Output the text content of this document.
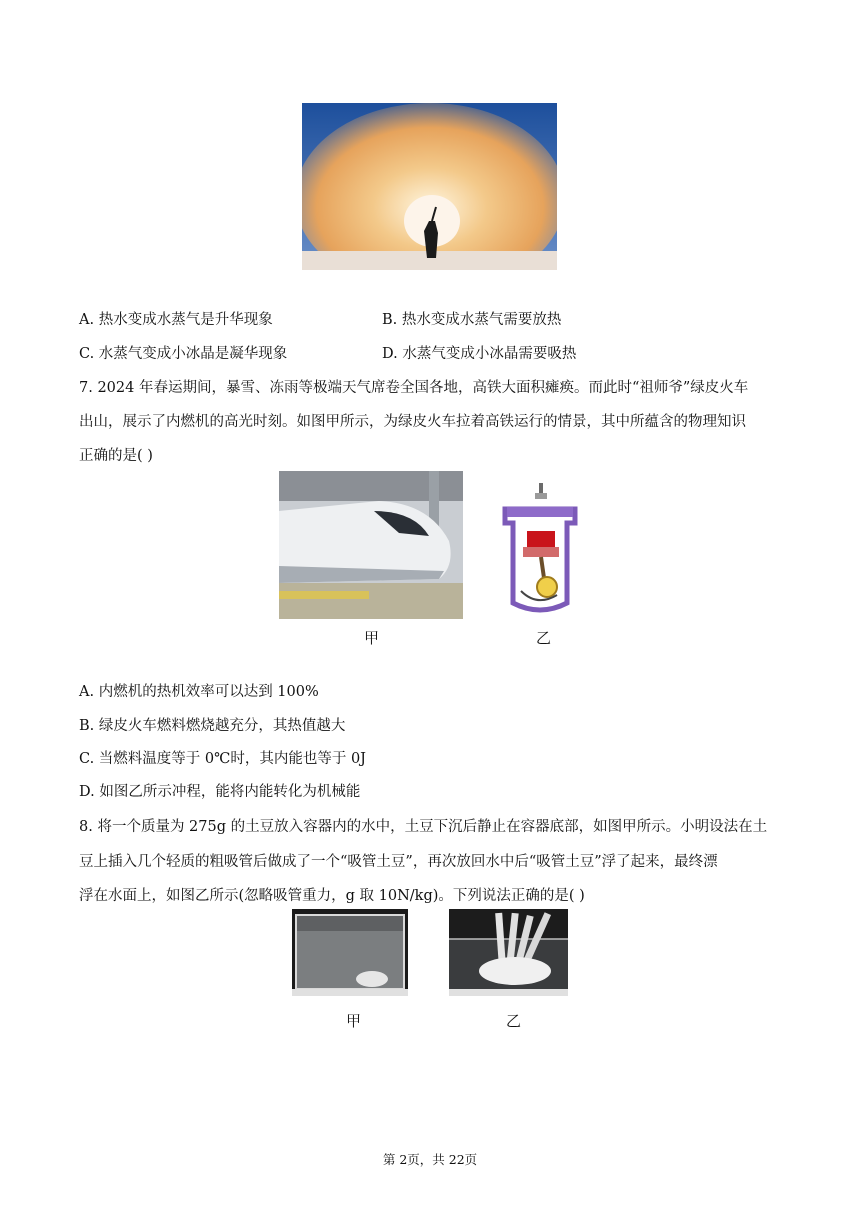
A. 热水变成水蒸气是升华现象	B. 热水变成水蒸气需要放热
C. 水蒸气变成小冰晶是凝华现象	D. 水蒸气变成小冰晶需要吸热
7. 2024 年春运期间，暴雪、冻雨等极端天气席卷全国各地，高铁大面积瘫痪。而此时“祖师爷”绿皮火车
出山，展示了内燃机的高光时刻。如图甲所示，为绿皮火车拉着高铁运行的情景，其中所蕴含的物理知识
正确的是( )
甲	乙
A. 内燃机的热机效率可以达到 100%
B. 绿皮火车燃料燃烧越充分，其热值越大
C. 当燃料温度等于 0℃时，其内能也等于 0J
D. 如图乙所示冲程，能将内能转化为机械能
8. 将一个质量为 275g 的土豆放入容器内的水中，土豆下沉后静止在容器底部，如图甲所示。小明设法在土
豆上插入几个轻质的粗吸管后做成了一个“吸管土豆”，再次放回水中后“吸管土豆”浮了起来，最终漂
浮在水面上，如图乙所示(忽略吸管重力，g 取 10N/kg)。下列说法正确的是( )
甲	乙
第 2页，共 22页
